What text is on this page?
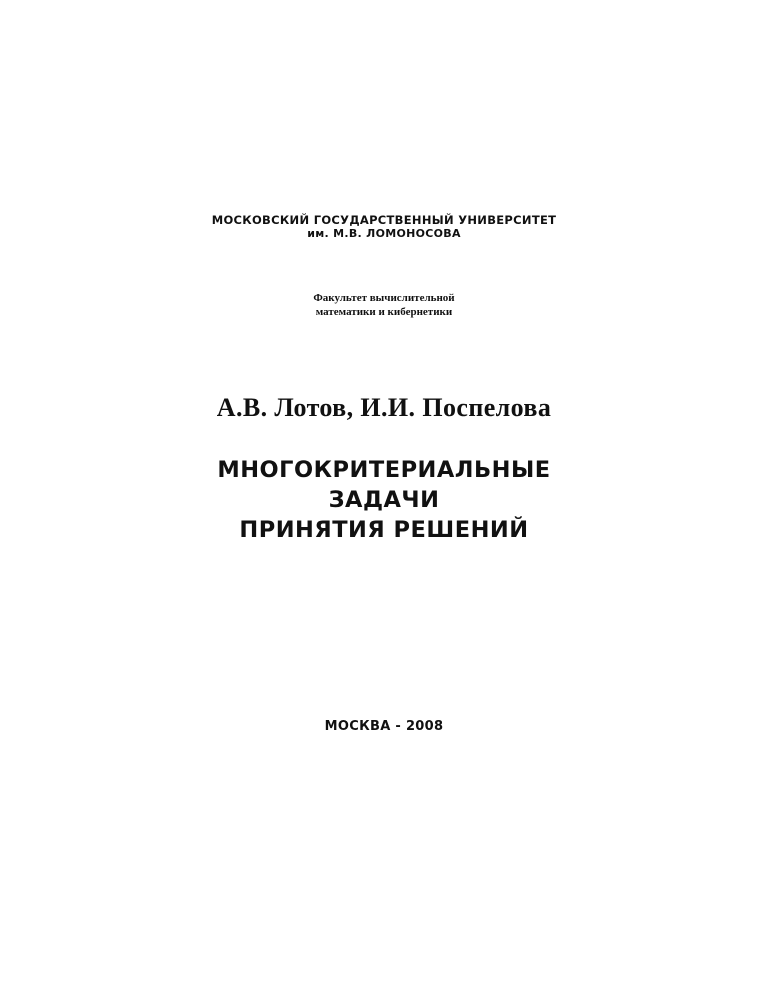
МОСКОВСКИЙ ГОСУДАРСТВЕННЫЙ УНИВЕРСИТЕТ
им. М.В. ЛОМОНОСОВА
Факультет вычислительной
математики и кибернетики
А.В. Лотов, И.И. Поспелова
МНОГОКРИТЕРИАЛЬНЫЕ
ЗАДАЧИ
ПРИНЯТИЯ РЕШЕНИЙ
МОСКВА - 2008
